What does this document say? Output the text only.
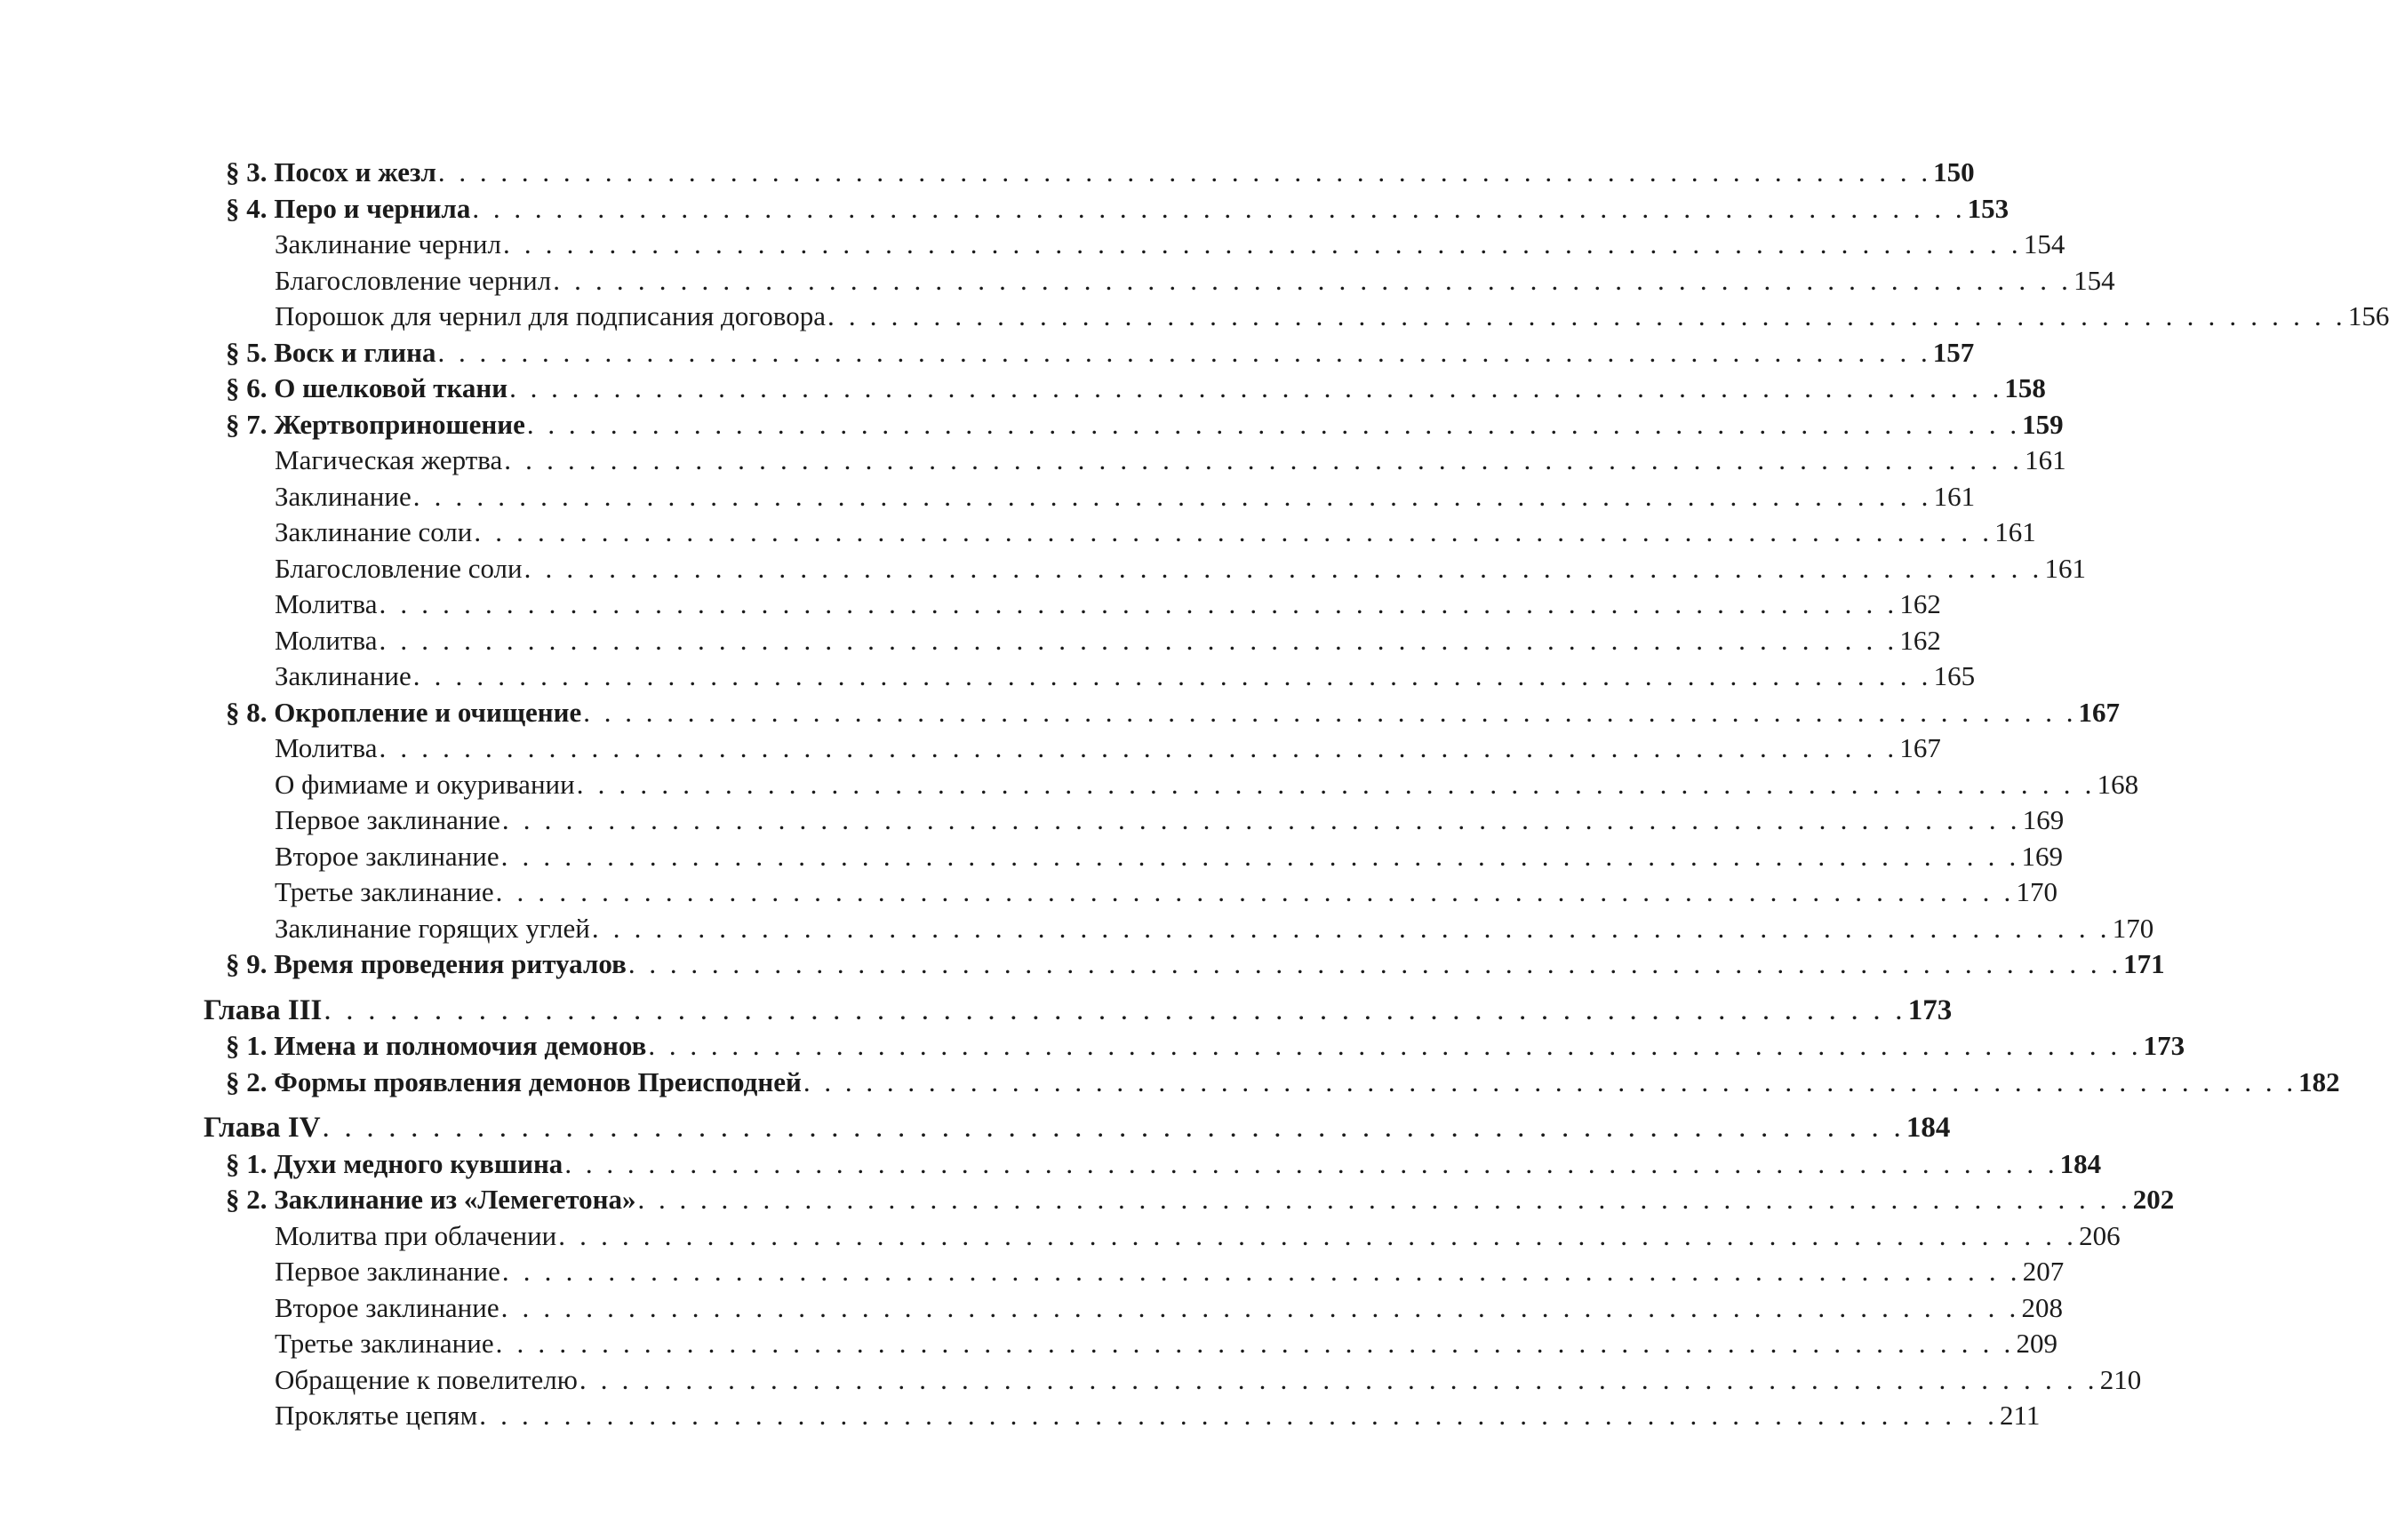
§ 3. Посох и жезл . . . . . . . . . . . . . . . . . . . . . . . . . . . . . . . . . . . . . . . . . . . . . . . . . . . . . . . . . . . . . . . . . . . . . . . . 150
§ 4. Перо и чернила . . . . . . . . . . . . . . . . . . . . . . . . . . . . . . . . . . . . . . . . . . . . . . . . . . . . . . . . . . . . . . . . . . . . . . . . 153
Заклинание чернил . . . . . . . . . . . . . . . . . . . . . . . . . . . . . . . . . . . . . . . . . . . . . . . . . . . . . . . . . . . . . . . . . . . . . . . . 154
Благословление чернил . . . . . . . . . . . . . . . . . . . . . . . . . . . . . . . . . . . . . . . . . . . . . . . . . . . . . . . . . . . . . . . . . . . . . . . . 154
Порошок для чернил для подписания договора . . . . . . . . . . . . . . . . . . . . . . . . . . . . . . . . . . . . . . . . . . . . . . . . . . . . . . . . . . . . . . . . . . . . . . . . 156
§ 5. Воск и глина . . . . . . . . . . . . . . . . . . . . . . . . . . . . . . . . . . . . . . . . . . . . . . . . . . . . . . . . . . . . . . . . . . . . . . . . 157
§ 6. О шелковой ткани . . . . . . . . . . . . . . . . . . . . . . . . . . . . . . . . . . . . . . . . . . . . . . . . . . . . . . . . . . . . . . . . . . . . . . . . 158
§ 7. Жертвоприношение . . . . . . . . . . . . . . . . . . . . . . . . . . . . . . . . . . . . . . . . . . . . . . . . . . . . . . . . . . . . . . . . . . . . . . . . 159
Магическая жертва . . . . . . . . . . . . . . . . . . . . . . . . . . . . . . . . . . . . . . . . . . . . . . . . . . . . . . . . . . . . . . . . . . . . . . . . 161
Заклинание . . . . . . . . . . . . . . . . . . . . . . . . . . . . . . . . . . . . . . . . . . . . . . . . . . . . . . . . . . . . . . . . . . . . . . . . 161
Заклинание соли . . . . . . . . . . . . . . . . . . . . . . . . . . . . . . . . . . . . . . . . . . . . . . . . . . . . . . . . . . . . . . . . . . . . . . . . 161
Благословление соли . . . . . . . . . . . . . . . . . . . . . . . . . . . . . . . . . . . . . . . . . . . . . . . . . . . . . . . . . . . . . . . . . . . . . . . . 161
Молитва . . . . . . . . . . . . . . . . . . . . . . . . . . . . . . . . . . . . . . . . . . . . . . . . . . . . . . . . . . . . . . . . . . . . . . . . 162
Молитва . . . . . . . . . . . . . . . . . . . . . . . . . . . . . . . . . . . . . . . . . . . . . . . . . . . . . . . . . . . . . . . . . . . . . . . . 162
Заклинание . . . . . . . . . . . . . . . . . . . . . . . . . . . . . . . . . . . . . . . . . . . . . . . . . . . . . . . . . . . . . . . . . . . . . . . . 165
§ 8. Окропление и очищение . . . . . . . . . . . . . . . . . . . . . . . . . . . . . . . . . . . . . . . . . . . . . . . . . . . . . . . . . . . . . . . . . . . . . . . . 167
Молитва . . . . . . . . . . . . . . . . . . . . . . . . . . . . . . . . . . . . . . . . . . . . . . . . . . . . . . . . . . . . . . . . . . . . . . . . 167
О фимиаме и окуривании . . . . . . . . . . . . . . . . . . . . . . . . . . . . . . . . . . . . . . . . . . . . . . . . . . . . . . . . . . . . . . . . . . . . . . . . 168
Первое заклинание . . . . . . . . . . . . . . . . . . . . . . . . . . . . . . . . . . . . . . . . . . . . . . . . . . . . . . . . . . . . . . . . . . . . . . . . 169
Второе заклинание . . . . . . . . . . . . . . . . . . . . . . . . . . . . . . . . . . . . . . . . . . . . . . . . . . . . . . . . . . . . . . . . . . . . . . . . 169
Третье заклинание . . . . . . . . . . . . . . . . . . . . . . . . . . . . . . . . . . . . . . . . . . . . . . . . . . . . . . . . . . . . . . . . . . . . . . . . 170
Заклинание горящих углей . . . . . . . . . . . . . . . . . . . . . . . . . . . . . . . . . . . . . . . . . . . . . . . . . . . . . . . . . . . . . . . . . . . . . . . . 170
§ 9. Время проведения ритуалов . . . . . . . . . . . . . . . . . . . . . . . . . . . . . . . . . . . . . . . . . . . . . . . . . . . . . . . . . . . . . . . . . . . . . . . . 171
Глава III . . . . . . . . . . . . . . . . . . . . . . . . . . . . . . . . . . . . . . . . . . . . . . . . . . . . . . . . . . . . . . . . . . . . . . . . 173
§ 1. Имена и полномочия демонов . . . . . . . . . . . . . . . . . . . . . . . . . . . . . . . . . . . . . . . . . . . . . . . . . . . . . . . . . . . . . . . . . . . . . . . . 173
§ 2. Формы проявления демонов Преисподней . . . . . . . . . . . . . . . . . . . . . . . . . . . . . . . . . . . . . . . . . . . . . . . . . . . . . . . . . . . . . . . . . . . . . . . . 182
Глава IV . . . . . . . . . . . . . . . . . . . . . . . . . . . . . . . . . . . . . . . . . . . . . . . . . . . . . . . . . . . . . . . . . . . . . . . . 184
§ 1. Духи медного кувшина . . . . . . . . . . . . . . . . . . . . . . . . . . . . . . . . . . . . . . . . . . . . . . . . . . . . . . . . . . . . . . . . . . . . . . . . 184
§ 2. Заклинание из «Лемегетона» . . . . . . . . . . . . . . . . . . . . . . . . . . . . . . . . . . . . . . . . . . . . . . . . . . . . . . . . . . . . . . . . . . . . . . . . 202
Молитва при облачении . . . . . . . . . . . . . . . . . . . . . . . . . . . . . . . . . . . . . . . . . . . . . . . . . . . . . . . . . . . . . . . . . . . . . . . . 206
Первое заклинание . . . . . . . . . . . . . . . . . . . . . . . . . . . . . . . . . . . . . . . . . . . . . . . . . . . . . . . . . . . . . . . . . . . . . . . . 207
Второе заклинание . . . . . . . . . . . . . . . . . . . . . . . . . . . . . . . . . . . . . . . . . . . . . . . . . . . . . . . . . . . . . . . . . . . . . . . . 208
Третье заклинание . . . . . . . . . . . . . . . . . . . . . . . . . . . . . . . . . . . . . . . . . . . . . . . . . . . . . . . . . . . . . . . . . . . . . . . . 209
Обращение к повелителю . . . . . . . . . . . . . . . . . . . . . . . . . . . . . . . . . . . . . . . . . . . . . . . . . . . . . . . . . . . . . . . . . . . . . . . . 210
Проклятье цепям . . . . . . . . . . . . . . . . . . . . . . . . . . . . . . . . . . . . . . . . . . . . . . . . . . . . . . . . . . . . . . . . . . . . . . . . 211
